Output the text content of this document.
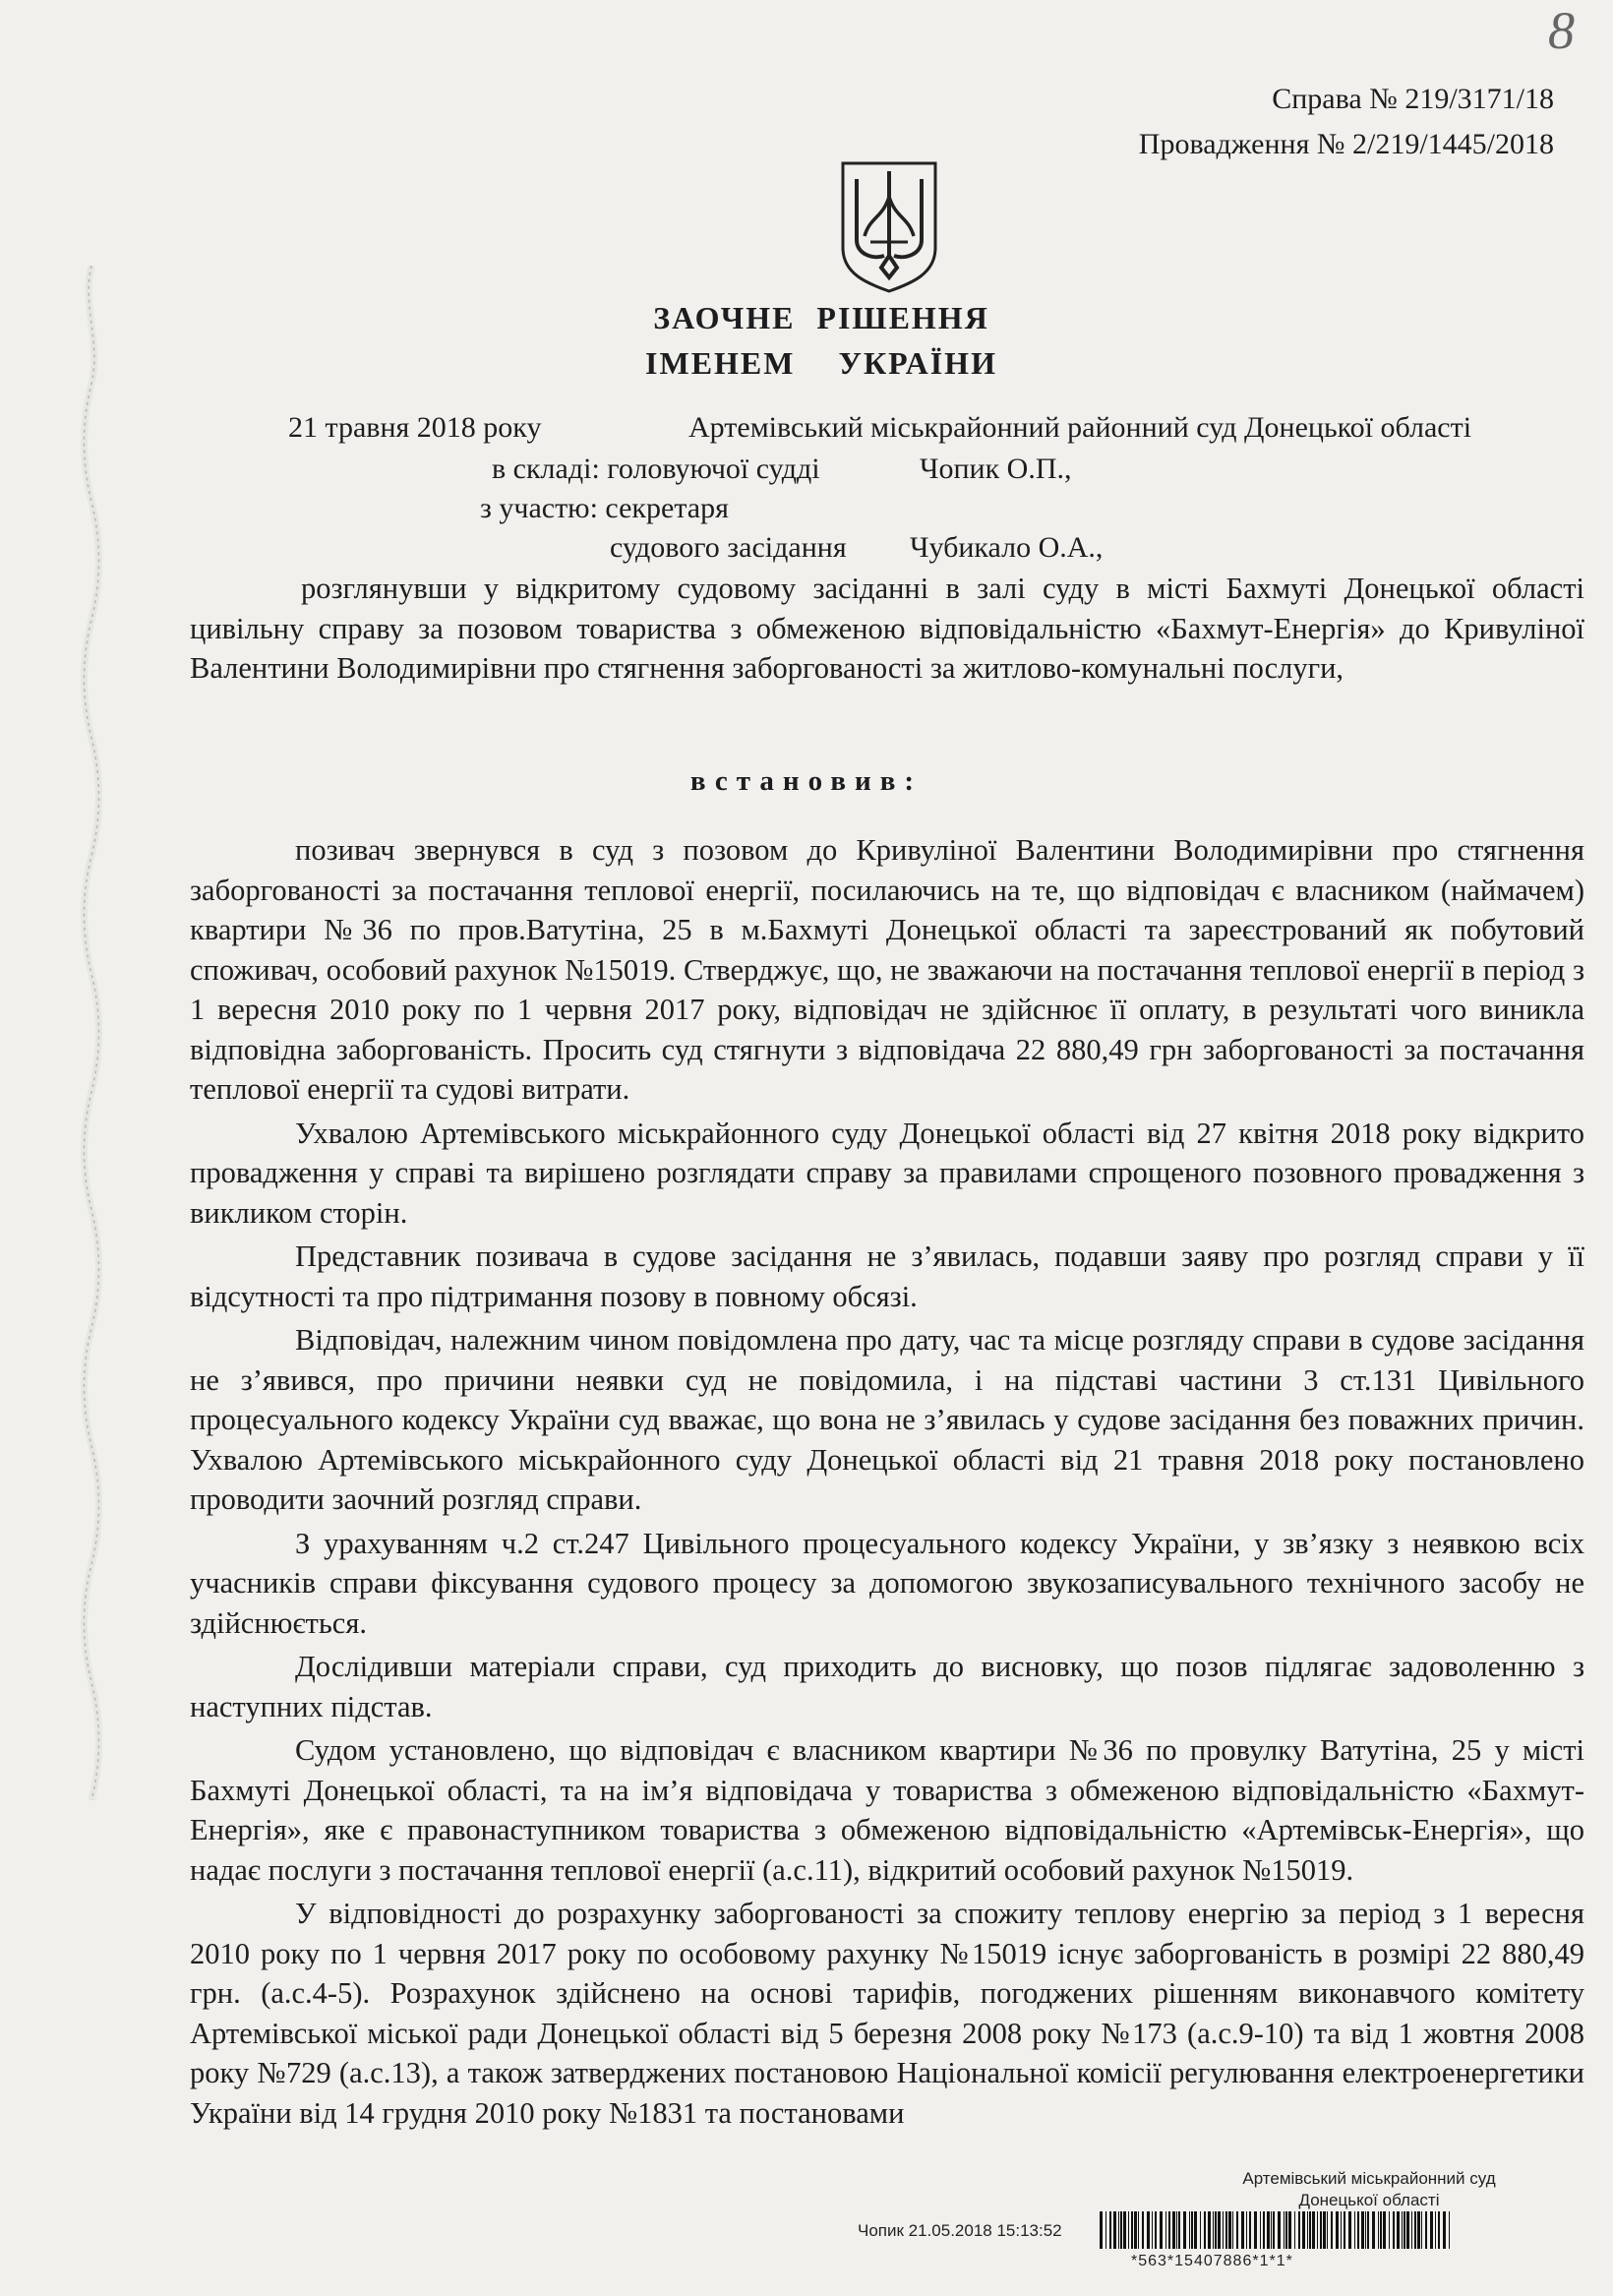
8
Справа № 219/3171/18
Провадження № 2/219/1445/2018
ЗАОЧНЕ РІШЕННЯ
ІМЕНЕМ УКРАЇНИ
21 травня 2018 року	Артемівський міськрайонний районний суд Донецької області
в складі: головуючої судді	Чопик О.П.,
з участю: секретаря
судового засідання Чубикало О.А.,

розглянувши у відкритому судовому засіданні в залі суду в місті Бахмуті Донецької області цивільну справу за позовом товариства з обмеженою відповідальністю «Бахмут-Енергія» до Кривуліної Валентини Володимирівни про стягнення заборгованості за житлово-комунальні послуги,

встановив:

позивач звернувся в суд з позовом до Кривуліної Валентини Володимирівни про стягнення заборгованості за постачання теплової енергії, посилаючись на те, що відповідач є власником (наймачем) квартири №36 по пров.Ватутіна, 25 в м.Бахмуті Донецької області та зареєстрований як побутовий споживач, особовий рахунок №15019. Стверджує, що, не зважаючи на постачання теплової енергії в період з 1 вересня 2010 року по 1 червня 2017 року, відповідач не здійснює її оплату, в результаті чого виникла відповідна заборгованість. Просить суд стягнути з відповідача 22 880,49 грн заборгованості за постачання теплової енергії та судові витрати.

Ухвалою Артемівського міськрайонного суду Донецької області від 27 квітня 2018 року відкрито провадження у справі та вирішено розглядати справу за правилами спрощеного позовного провадження з викликом сторін.

Представник позивача в судове засідання не з’явилась, подавши заяву про розгляд справи у її відсутності та про підтримання позову в повному обсязі.

Відповідач, належним чином повідомлена про дату, час та місце розгляду справи в судове засідання не з’явився, про причини неявки суд не повідомила, і на підставі частини 3 ст.131 Цивільного процесуального кодексу України суд вважає, що вона не з’явилась у судове засідання без поважних причин. Ухвалою Артемівського міськрайонного суду Донецької області від 21 травня 2018 року постановлено проводити заочний розгляд справи.

З урахуванням ч.2 ст.247 Цивільного процесуального кодексу України, у зв’язку з неявкою всіх учасників справи фіксування судового процесу за допомогою звукозаписувального технічного засобу не здійснюється.

Дослідивши матеріали справи, суд приходить до висновку, що позов підлягає задоволенню з наступних підстав.

Судом установлено, що відповідач є власником квартири №36 по провулку Ватутіна, 25 у місті Бахмуті Донецької області, та на ім’я відповідача у товариства з обмеженою відповідальністю «Бахмут-Енергія», яке є правонаступником товариства з обмеженою відповідальністю «Артемівськ-Енергія», що надає послуги з постачання теплової енергії (а.с.11), відкритий особовий рахунок №15019.

У відповідності до розрахунку заборгованості за спожиту теплову енергію за період з 1 вересня 2010 року по 1 червня 2017 року по особовому рахунку №15019 існує заборгованість в розмірі 22 880,49 грн. (а.с.4-5). Розрахунок здійснено на основі тарифів, погоджених рішенням виконавчого комітету Артемівської міської ради Донецької області від 5 березня 2008 року №173 (а.с.9-10) та від 1 жовтня 2008 року №729 (а.с.13), а також затверджених постановою Національної комісії регулювання електроенергетики України від 14 грудня 2010 року №1831 та постановами

Артемівський міськрайонний суд
Донецької області
Чопик 21.05.2018 15:13:52
*563*15407886*1*1*
